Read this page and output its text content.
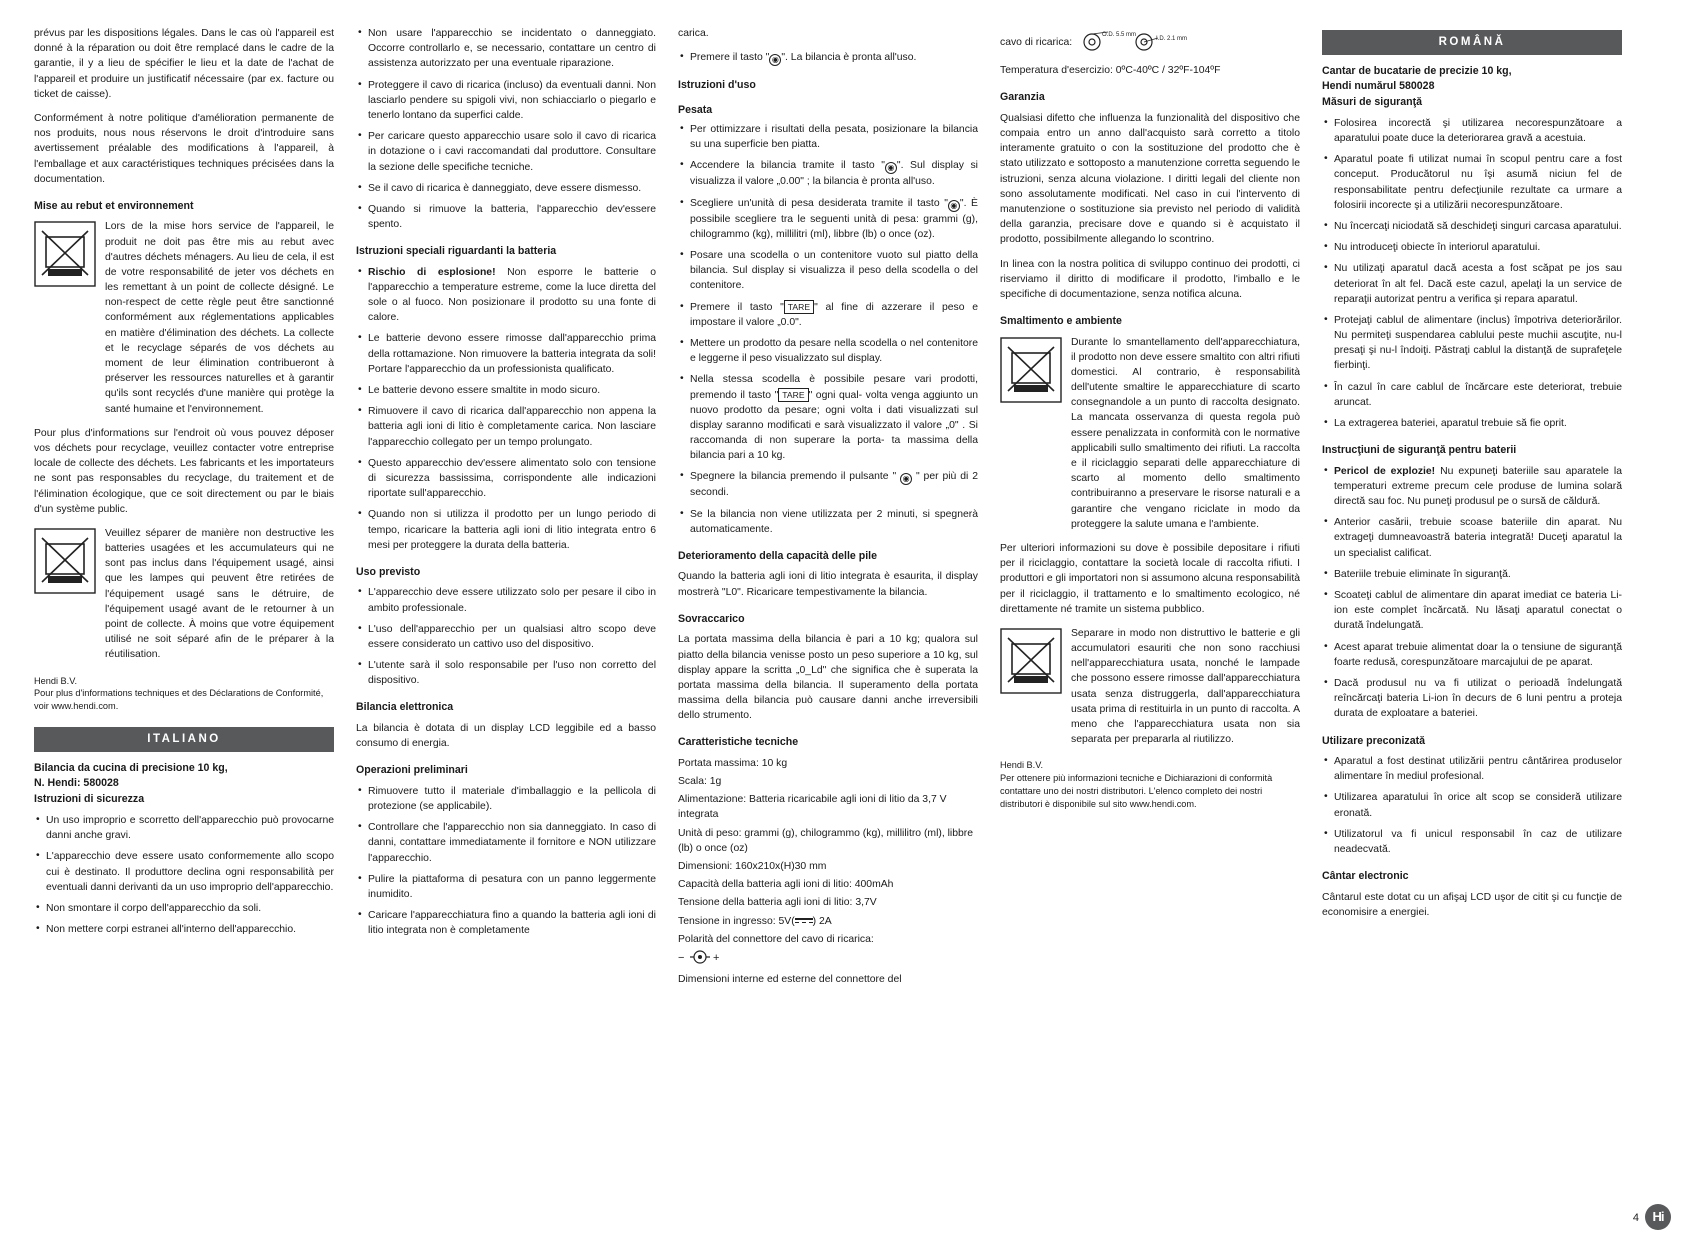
prévus par les dispositions légales. Dans le cas où l'appareil est donné à la réparation ou doit être remplacé dans le cadre de la garantie, il y a lieu de spécifier le lieu et la date de l'achat de l'appareil et produire un justificatif nécessaire (par ex. facture ou ticket de caisse).

Conformément à notre politique d'amélioration permanente de nos produits, nous nous réservons le droit d'introduire sans avertissement préalable des modifications à l'appareil, à l'emballage et aux caractéristiques techniques précisées dans la documentation.

Mise au rebut et environnement

Lors de la mise hors service de l'appareil, le produit ne doit pas être mis au rebut avec d'autres déchets ménagers. Au lieu de cela, il est de votre responsabilité de jeter vos déchets en les remettant à un point de collecte désigné. Le non-respect de cette règle peut être sanctionné conformément aux réglementations applicables en matière d'élimination des déchets. La collecte et le recyclage séparés de vos déchets au moment de leur élimination contribueront à préserver les ressources naturelles et à garantir qu'ils sont recyclés d'une manière qui protège la santé humaine et l'environnement.

Pour plus d'informations sur l'endroit où vous pouvez déposer vos déchets pour recyclage, veuillez contacter votre entreprise locale de collecte des déchets. Les fabricants et les importateurs ne sont pas responsables du recyclage, du traitement et de l'élimination écologique, que ce soit directement ou par le biais d'un système public.

Veuillez séparer de manière non destructive les batteries usagées et les accumulateurs qui ne sont pas inclus dans l'équipement usagé, ainsi que les lampes qui peuvent être retirées de l'équipement usagé sans le détruire, de l'équipement usagé avant de le retourner à un point de collecte. À moins que votre équipement utilisé ne soit séparé afin de le préparer à la réutilisation.

Hendi B.V.
Pour plus d'informations techniques et des Déclarations de Conformité, voir www.hendi.com.
ITALIANO
Bilancia da cucina di precisione 10 kg,
N. Hendi: 580028
Istruzioni di sicurezza
• Un uso improprio e scorretto dell'apparecchio può provocarne danni anche gravi.
• L'apparecchio deve essere usato conformemente allo scopo cui è destinato. Il produttore declina ogni responsabilità per eventuali danni derivanti da un uso improprio dell'apparecchio.
• Non smontare il corpo dell'apparecchio da soli.
• Non mettere corpi estranei all'interno dell'apparecchio.
• Non usare l'apparecchio se incidentato o danneggiato. Occorre controllarlo e, se necessario, contattare un centro di assistenza autorizzato per una eventuale riparazione.
• Proteggere il cavo di ricarica (incluso) da eventuali danni. Non lasciarlo pendere su spigoli vivi, non schiacciarlo o piegarlo e tenerlo lontano da superfici calde.
• Per caricare questo apparecchio usare solo il cavo di ricarica in dotazione o i cavi raccomandati dal produttore. Consultare la sezione delle specifiche tecniche.
• Se il cavo di ricarica è danneggiato, deve essere dismesso.
• Quando si rimuove la batteria, l'apparecchio dev'essere spento.
Istruzioni speciali riguardanti la batteria
• Rischio di esplosione! Non esporre le batterie o l'apparecchio a temperature estreme, come la luce diretta del sole o al fuoco. Non posizionare il prodotto su una fonte di calore.
• Le batterie devono essere rimosse dall'apparecchio prima della rottamazione. Non rimuovere la batteria integrata da soli! Portare l'apparecchio da un professionista qualificato.
• Le batterie devono essere smaltite in modo sicuro.
• Rimuovere il cavo di ricarica dall'apparecchio non appena la batteria agli ioni di litio è completamente carica. Non lasciare l'apparecchio collegato per un tempo prolungato.
• Questo apparecchio dev'essere alimentato solo con tensione di sicurezza bassissima, corrispondente alle indicazioni riportate sull'apparecchio.
• Quando non si utilizza il prodotto per un lungo periodo di tempo, ricaricare la batteria agli ioni di litio integrata entro 6 mesi per proteggere la durata della batteria.
Uso previsto
• L'apparecchio deve essere utilizzato solo per pesare il cibo in ambito professionale.
• L'uso dell'apparecchio per un qualsiasi altro scopo deve essere considerato un cattivo uso del dispositivo.
• L'utente sarà il solo responsabile per l'uso non corretto del dispositivo.
Bilancia elettronica

La bilancia è dotata di un display LCD leggibile ed a basso consumo di energia.

Operazioni preliminari
• Rimuovere tutto il materiale d'imballaggio e la pellicola di protezione (se applicabile).
• Controllare che l'apparecchio non sia danneggiato. In caso di danni, contattare immediatamente il fornitore e NON utilizzare l'apparecchio.
• Pulire la piattaforma di pesatura con un panno leggermente inumidito.
• Caricare l'apparecchiatura fino a quando la batteria agli ioni di litio integrata non è completamente

carica.

• Premere il tasto " ◉ ". La bilancia è pronta all'uso.
Istruzioni d'uso
Pesata
• Per ottimizzare i risultati della pesata, posizionare la bilancia su una superficie ben piatta.
• Accendere la bilancia tramite il tasto " ◉ ". Sul display si visualizza il valore „0.00" ; la bilancia è pronta all'uso.
• Scegliere un'unità di pesa desiderata tramite il tasto " ◉ ". È possibile scegliere tra le seguenti unità di pesa: grammi (g), chilogrammo (kg), millilitri (ml), libbre (lb) o once (oz).
• Posare una scodella o un contenitore vuoto sul piatto della bilancia. Sul display si visualizza il peso della scodella o del contenitore.
• Premere il tasto " TARE " al fine di azzerare il peso e impostare il valore „0.0".
• Mettere un prodotto da pesare nella scodella o nel contenitore e leggerne il peso visualizzato sul display.
• Nella stessa scodella è possibile pesare vari prodotti, premendo il tasto " TARE " ogni qual- volta venga aggiunto un nuovo prodotto da pesare; ogni volta i dati visualizzati sul display saranno modificati e sarà visualizzato il valore „0" . Si raccomanda di non superare la porta- ta massima della bilancia pari a 10 kg.
• Spegnere la bilancia premendo il pulsante " ◉ " per più di 2 secondi.
• Se la bilancia non viene utilizzata per 2 minuti, si spegnerà automaticamente.
Deterioramento della capacità delle pile

Quando la batteria agli ioni di litio integrata è esaurita, il display mostrerà "L0". Ricaricare tempestivamente la bilancia.

Sovraccarico

La portata massima della bilancia è pari a 10 kg; qualora sul piatto della bilancia venisse posto un peso superiore a 10 kg, sul display appare la scritta „0_Ld" che significa che è superata la portata massima della bilancia. Il superamento della portata massima della bilancia può causare danni anche irreversibili dello strumento.

Caratteristiche tecniche

Portata massima: 10 kg

Scala: 1g

Alimentazione: Batteria ricaricabile agli ioni di litio da 3,7 V integrata

Unità di peso: grammi (g), chilogrammo (kg), millilitro (ml), libbre (lb) o once (oz)

Dimensioni: 160x210x(H)30 mm

Capacità della batteria agli ioni di litio: 400mAh

Tensione della batteria agli ioni di litio: 3,7V

Tensione in ingresso: 5V( ) 2A

Polarità del connettore del cavo di ricarica:

−	+

Dimensioni interne ed esterne del connettore del

cavo di ricarica:
O.D. 5.5 mm
I.D. 2.1 mm

Temperatura d'esercizio: 0ºC-40ºC / 32ºF-104ºF

Garanzia

Qualsiasi difetto che influenza la funzionalità del dispositivo che compaia entro un anno dall'acquisto sarà corretto a titolo interamente gratuito o con la sostituzione del prodotto che è stato utilizzato e sottoposto a manutenzione corretta seguendo le istruzioni, senza alcuna violazione. I diritti legali del cliente non sono assolutamente modificati. Nel caso in cui l'intervento di manutenzione o sostituzione sia previsto nel periodo di validità della garanzia, precisare dove e quando si è acquistato il prodotto, possibilmente allegando lo scontrino.

In linea con la nostra politica di sviluppo continuo dei prodotti, ci riserviamo il diritto di modificare il prodotto, l'imballo e le specifiche di documentazione, senza notifica alcuna.

Smaltimento e ambiente

Durante lo smantellamento dell'apparecchiatura, il prodotto non deve essere smaltito con altri rifiuti domestici. Al contrario, è responsabilità dell'utente smaltire le apparecchiature di scarto consegnandole a un punto di raccolta designato. La mancata osservanza di questa regola può essere penalizzata in conformità con le normative applicabili sullo smaltimento dei rifiuti. La raccolta e il riciclaggio separati delle apparecchiature di scarto al momento dello smaltimento contribuiranno a preservare le risorse naturali e a garantire che vengano riciclate in modo da proteggere la salute umana e l'ambiente.

Per ulteriori informazioni su dove è possibile depositare i rifiuti per il riciclaggio, contattare la società locale di raccolta rifiuti. I produttori e gli importatori non si assumono alcuna responsabilità per il riciclaggio, il trattamento e lo smaltimento ecologico, né direttamente né tramite un sistema pubblico.

Separare in modo non distruttivo le batterie e gli accumulatori esauriti che non sono racchiusi nell'apparecchiatura usata, nonché le lampade che possono essere rimosse dall'apparecchiatura usata senza distruggerla, dall'apparecchiatura usata prima di restituirla in un punto di raccolta. A meno che l'apparecchiatura usata non sia separata per prepararla al riutilizzo.

Hendi B.V.
Per ottenere più informazioni tecniche e Dichiarazioni di conformità contattare uno dei nostri distributori. L'elenco completo dei nostri distributori è disponibile sul sito www.hendi.com.
ROMÂNĂ
Cantar de bucatarie de precizie 10 kg,
Hendi numărul 580028
Măsuri de siguranţă
• Folosirea incorectă şi utilizarea necorespunzătoare a aparatului poate duce la deteriorarea gravă a acestuia.
• Aparatul poate fi utilizat numai în scopul pentru care a fost conceput. Producătorul nu îşi asumă niciun fel de responsabilitate pentru defecţiunile rezultate ca urmare a folosirii incorecte şi a utilizării necorespunzătoare.
• Nu încercaţi niciodată să deschideţi singuri carcasa aparatului.
• Nu introduceţi obiecte în interiorul aparatului.
• Nu utilizaţi aparatul dacă acesta a fost scăpat pe jos sau deteriorat în alt fel. Dacă este cazul, apelaţi la un service de reparaţii autorizat pentru a verifica şi repara aparatul.
• Protejaţi cablul de alimentare (inclus) împotriva deteriorărilor. Nu permiteţi suspendarea cablului peste muchii ascuţite, nu-l presaţi şi nu-l îndoiţi. Păstraţi cablul la distanţă de suprafeţele fierbinţi.
• În cazul în care cablul de încărcare este deteriorat, trebuie aruncat.
• La extragerea bateriei, aparatul trebuie să fie oprit.
Instrucţiuni de siguranţă pentru baterii
• Pericol de explozie! Nu expuneţi bateriile sau aparatele la temperaturi extreme precum cele produse de lumina solară directă sau foc. Nu puneţi produsul pe o sursă de căldură.
• Anterior casării, trebuie scoase bateriile din aparat. Nu extrageţi dumneavoastră bateria integrată! Duceţi aparatul la un specialist calificat.
• Bateriile trebuie eliminate în siguranţă.
• Scoateţi cablul de alimentare din aparat imediat ce bateria Li-ion este complet încărcată. Nu lăsaţi aparatul conectat o durată îndelungată.
• Acest aparat trebuie alimentat doar la o tensiune de siguranţă foarte redusă, corespunzătoare marcajului de pe aparat.
• Dacă produsul nu va fi utilizat o perioadă îndelungată reîncărcaţi bateria Li-ion în decurs de 6 luni pentru a proteja durata de exploatare a bateriei.
Utilizare preconizată
• Aparatul a fost destinat utilizării pentru cântărirea produselor alimentare în mediul profesional.
• Utilizarea aparatului în orice alt scop se consideră utilizare eronată.
• Utilizatorul va fi unicul responsabil în caz de utilizare neadecvată.
Cântar electronic

Cântarul este dotat cu un afişaj LCD uşor de citit şi cu funcţie de economisire a energiei.

4	Hi
